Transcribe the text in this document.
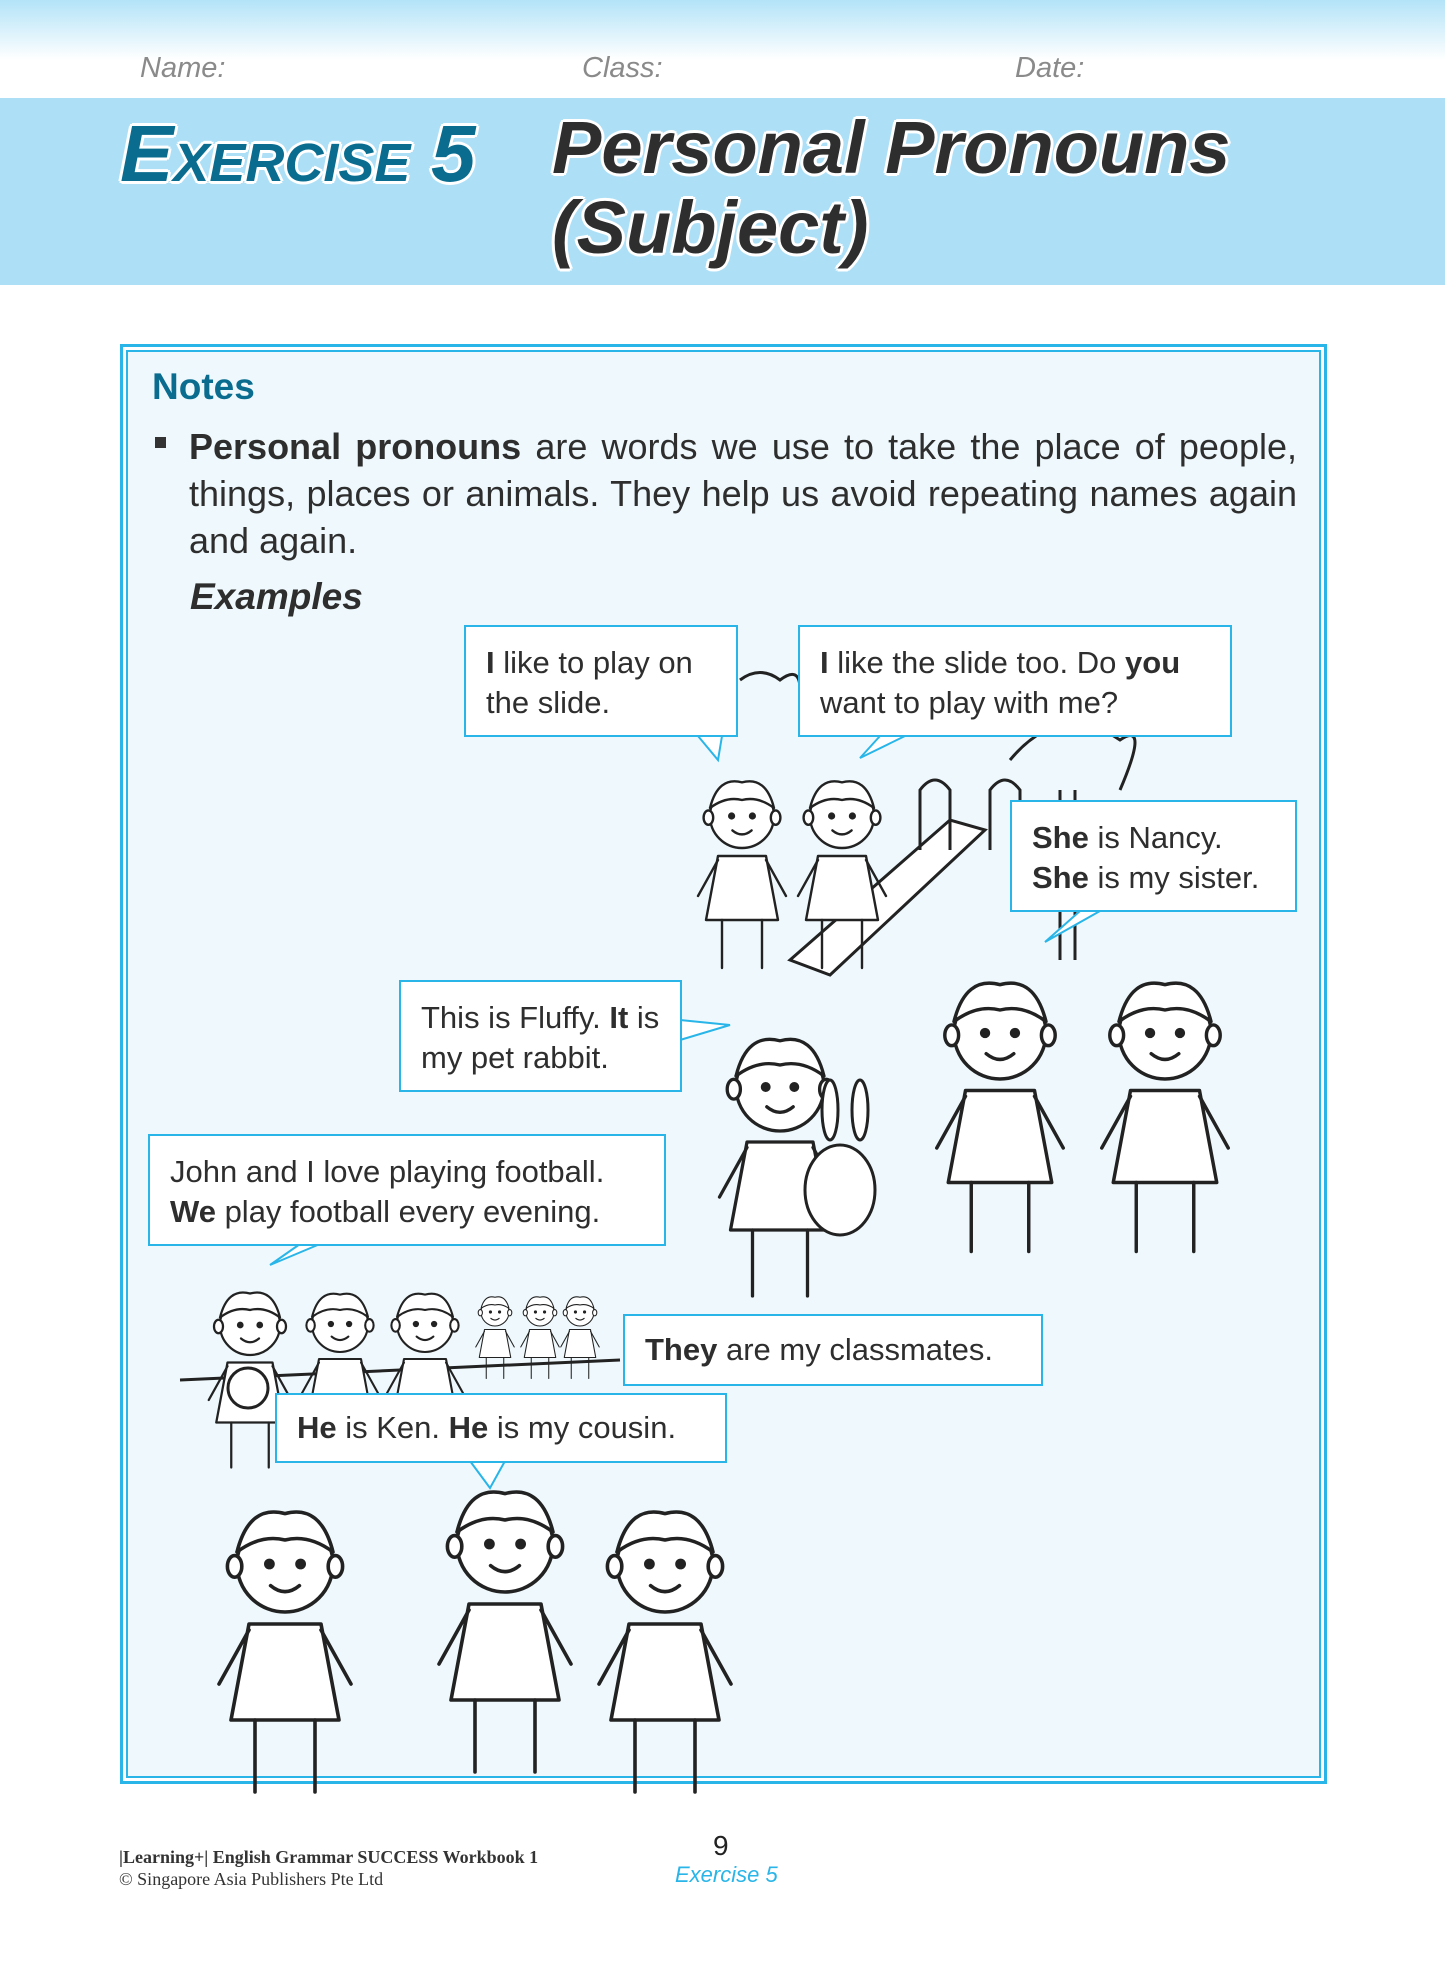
Name:	Class:	Date:
EXERCISE 5 Personal Pronouns
(Subject)
Notes
Personal pronouns are words we use to take the place of people, things, places or animals. They help us avoid repeating names again and again.
Examples
I like to play on the slide.
I like the slide too. Do you want to play with me?
She is Nancy. She is my sister.
This is Fluffy. It is my pet rabbit.
John and I love playing football. We play football every evening.
They are my classmates.
He is Ken. He is my cousin.
|Learning+| English Grammar SUCCESS Workbook 1
© Singapore Asia Publishers Pte Ltd
9
Exercise 5
